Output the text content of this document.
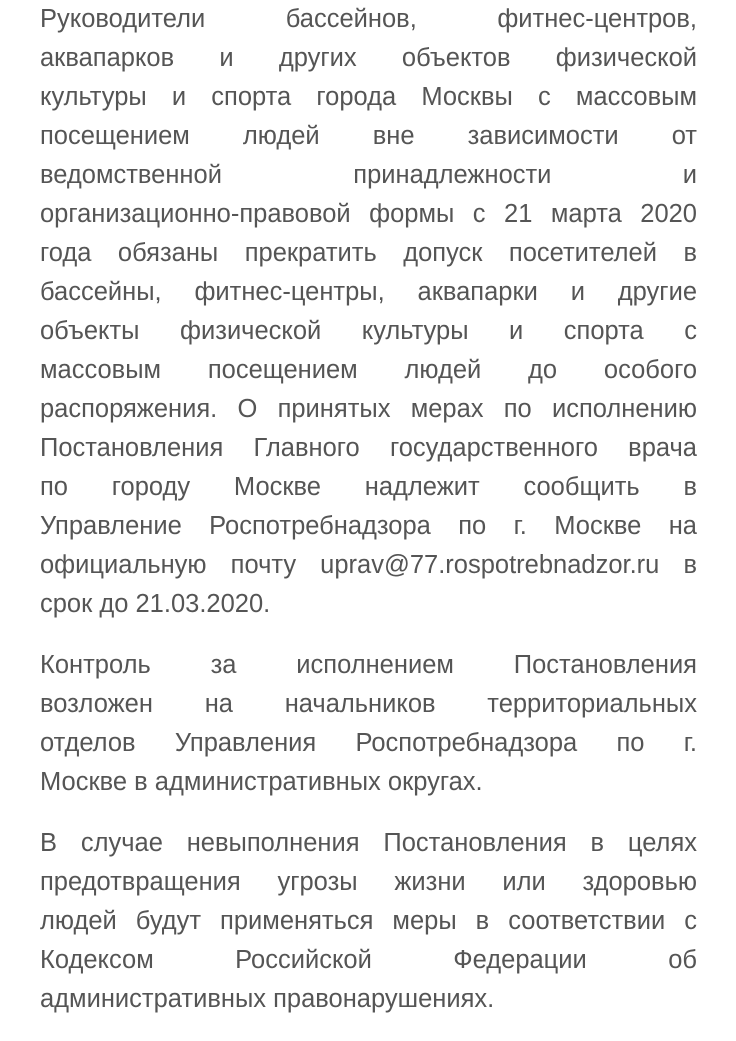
Руководители бассейнов, фитнес-центров,
аквапарков и других объектов физической
культуры и спорта города Москвы с массовым
посещением людей вне зависимости от
ведомственной принадлежности и
организационно-правовой формы с 21 марта 2020
года обязаны прекратить допуск посетителей в
бассейны, фитнес-центры, аквапарки и другие
объекты физической культуры и спорта с
массовым посещением людей до особого
распоряжения. О принятых мерах по исполнению
Постановления Главного государственного врача
по городу Москве надлежит сообщить в
Управление Роспотребнадзора по г. Москве на
официальную почту uprav@77.rospotrebnadzor.ru в
срок до 21.03.2020.
Контроль за исполнением Постановления
возложен на начальников территориальных
отделов Управления Роспотребнадзора по г.
Москве в административных округах.
В случае невыполнения Постановления в целях
предотвращения угрозы жизни или здоровью
людей будут применяться меры в соответствии с
Кодексом Российской Федерации об
административных правонарушениях.
